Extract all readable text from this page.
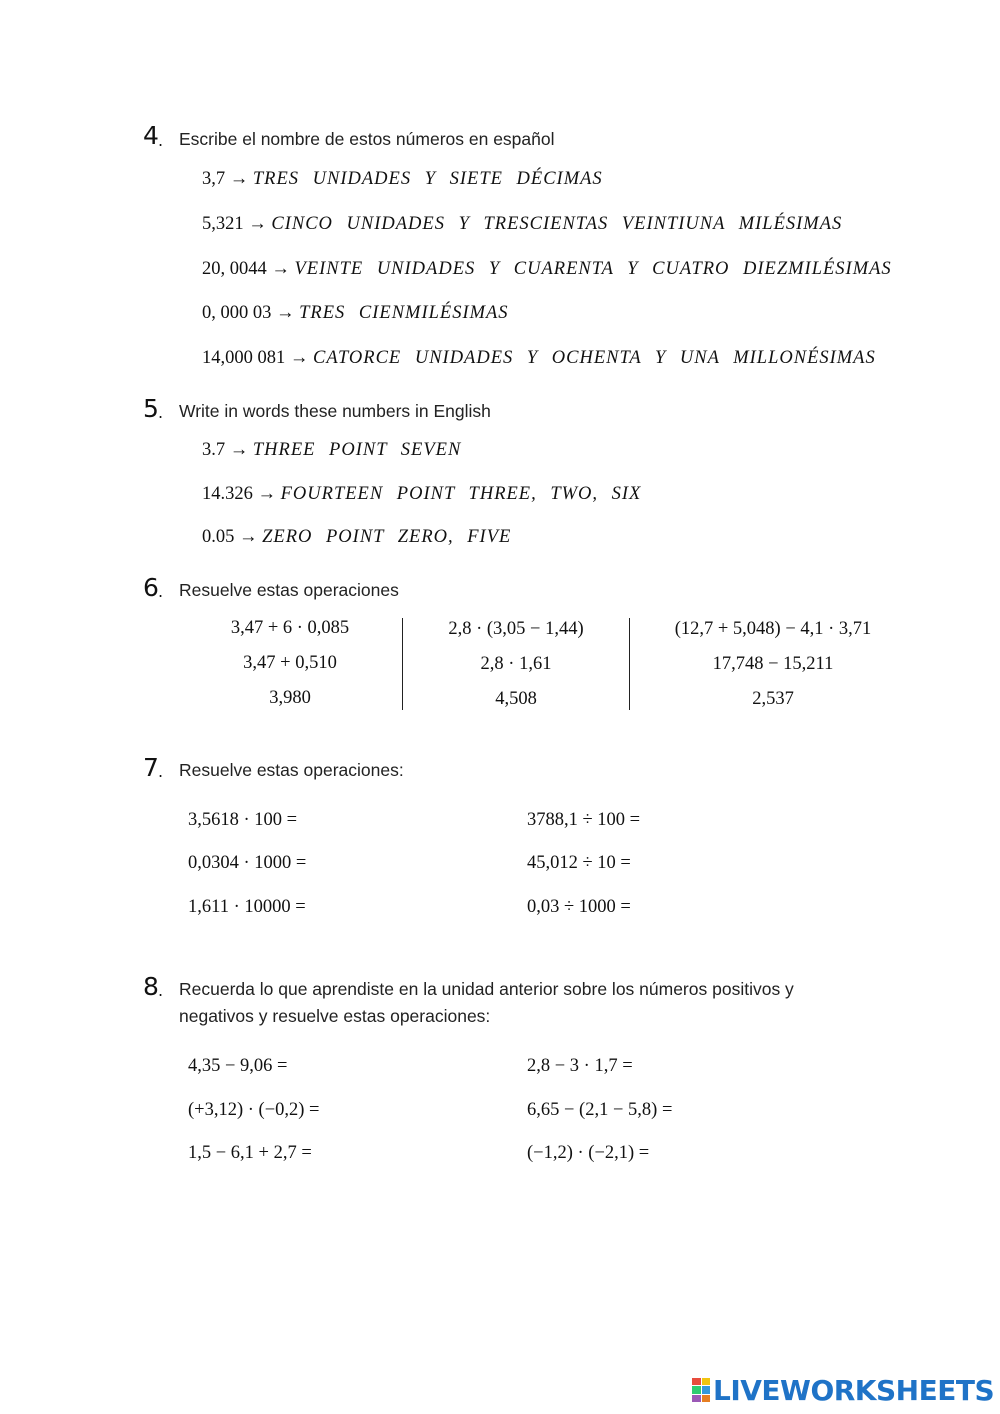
4 . Escribe el nombre de estos números en español
3,7 → TRES UNIDADES Y SIETE DÉCIMAS
5,321 → CINCO UNIDADES Y TRESCIENTAS VEINTIUNA MILÉSIMAS
20, 0044 → VEINTE UNIDADES Y CUARENTA Y CUATRO DIEZMILÉSIMAS
0, 000 03 → TRES CIENMILÉSIMAS
14,000 081 → CATORCE UNIDADES Y OCHENTA Y UNA MILLONÉSIMAS
5 . Write in words these numbers in English
3.7 → THREE POINT SEVEN
14.326 → FOURTEEN POINT THREE, TWO, SIX
0.05 → ZERO POINT ZERO, FIVE
6 . Resuelve estas operaciones
3,47 + 6 · 0,085
3,47 + 0,510
3,980
2,8 · (3,05 − 1,44)
2,8 · 1,61
4,508
(12,7 + 5,048) − 4,1 · 3,71
17,748 − 15,211
2,537
7 . Resuelve estas operaciones:
3,5618 · 100 =
0,0304 · 1000 =
1,611 · 10000 =
3788,1 ÷ 100 =
45,012 ÷ 10 =
0,03 ÷ 1000 =
8 . Recuerda lo que aprendiste en la unidad anterior sobre los números positivos y
negativos y resuelve estas operaciones:
4,35 − 9,06 =
(+3,12) · (−0,2) =
1,5 − 6,1 + 2,7 =
2,8 − 3 · 1,7 =
6,65 − (2,1 − 5,8) =
(−1,2) · (−2,1) =
LIVEWORKSHEETS
